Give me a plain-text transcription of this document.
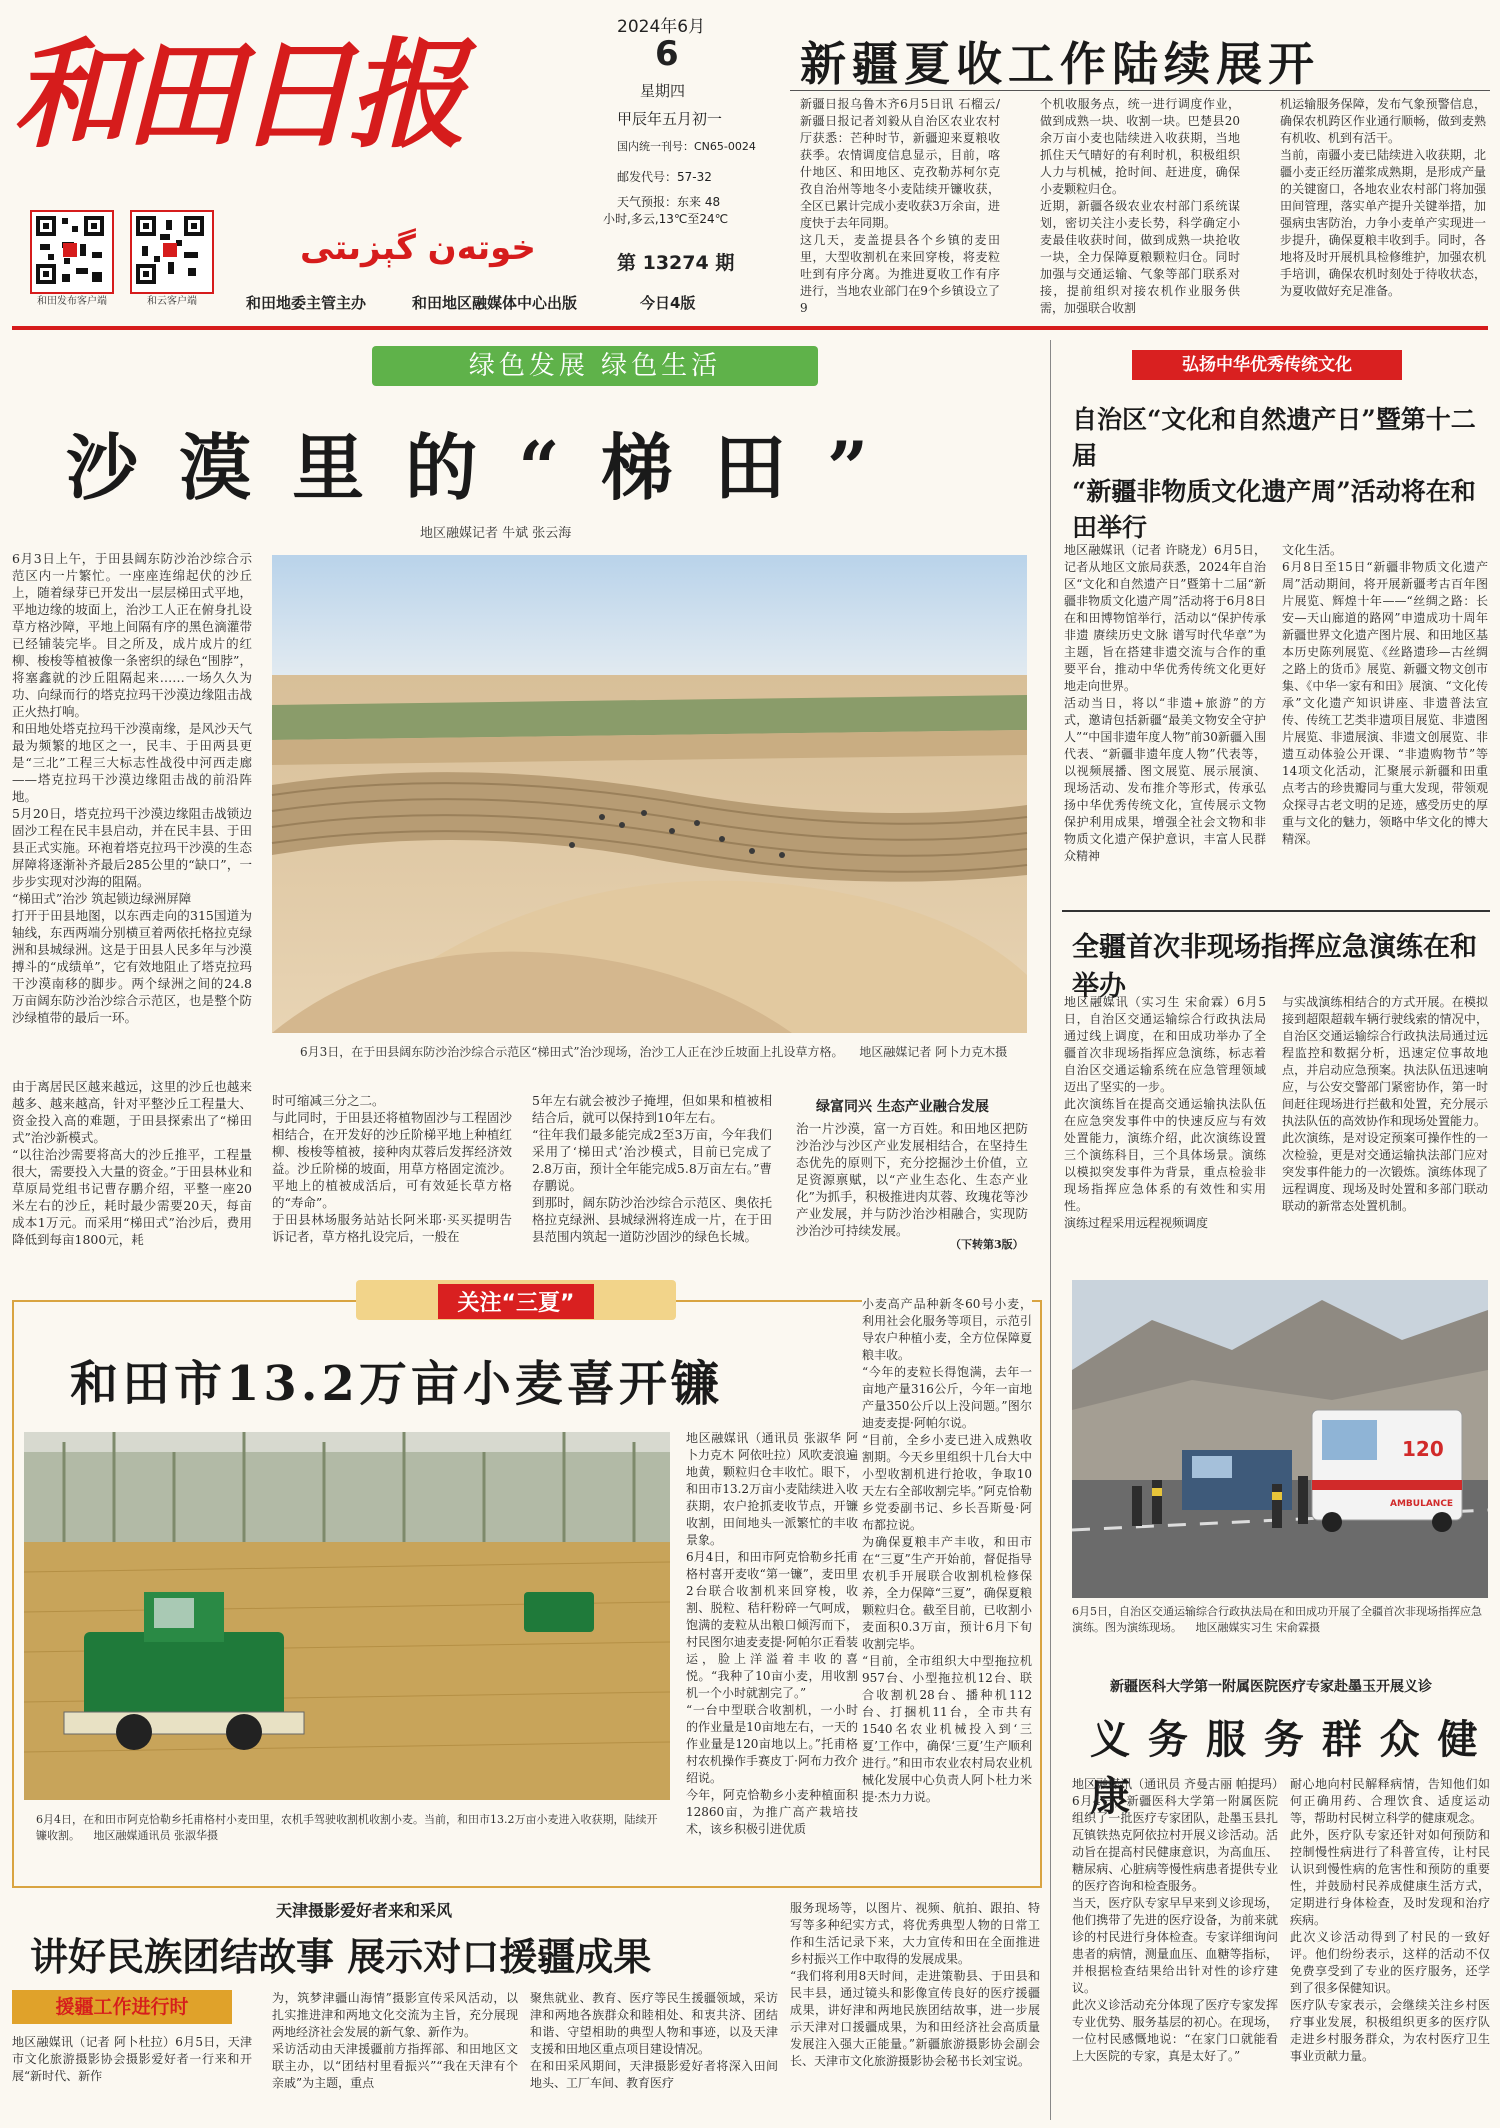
和田日报
和田发布客户端	和云客户端
خوتەن گېزىتى
2024年6月
6
星期四
甲辰年五月初一
国内统一刊号：CN65-0024
邮发代号：57-32
天气预报：东来 48
小时,多云,13℃至24℃
第 13274 期
和田地委主管主办	和田地区融媒体中心出版	今日4版
新疆夏收工作陆续展开
新疆日报乌鲁木齐6月5日讯 石榴云/新疆日报记者刘毅从自治区农业农村厅获悉：芒种时节，新疆迎来夏粮收获季。农情调度信息显示，目前，喀什地区、和田地区、克孜勒苏柯尔克孜自治州等地冬小麦陆续开镰收获，全区已累计完成小麦收获3万余亩，进度快于去年同期。
这几天，麦盖提县各个乡镇的麦田里，大型收割机在来回穿梭，将麦粒吐到有序分离。为推进夏收工作有序进行，当地农业部门在9个乡镇设立了9
个机收服务点，统一进行调度作业，做到成熟一块、收割一块。巴楚县20余万亩小麦也陆续进入收获期，当地抓住天气晴好的有利时机，积极组织人力与机械，抢时间、赶进度，确保小麦颗粒归仓。
近期，新疆各级农业农村部门系统谋划，密切关注小麦长势，科学确定小麦最佳收获时间，做到成熟一块抢收一块，全力保障夏粮颗粒归仓。同时加强与交通运输、气象等部门联系对接，提前组织对接农机作业服务供需，加强联合收割
机运输服务保障，发布气象预警信息，确保农机跨区作业通行顺畅，做到麦熟有机收、机到有活干。
当前，南疆小麦已陆续进入收获期，北疆小麦正经历灌浆成熟期，是形成产量的关键窗口，各地农业农村部门将加强田间管理，落实单产提升关键举措，加强病虫害防治，力争小麦单产实现进一步提升，确保夏粮丰收到手。同时，各地将及时开展机具检修维护，加强农机手培训，确保农机时刻处于待收状态，为夏收做好充足准备。
绿色发展 绿色生活
沙 漠 里 的 “ 梯 田 ”
地区融媒记者 牛斌 张云海
6月3日上午，于田县阔东防沙治沙综合示范区内一片繁忙。一座座连绵起伏的沙丘上，随着绿芽已开发出一层层梯田式平地，平地边缘的坡面上，治沙工人正在俯身扎设草方格沙障，平地上间隔有序的黑色滴灌带已经铺装完毕。目之所及，成片成片的红柳、梭梭等植被像一条密织的绿色“围脖”，将塞鑫就的沙丘阻隔起来……一场久久为功、向绿而行的塔克拉玛干沙漠边缘阻击战正火热打响。
和田地处塔克拉玛干沙漠南缘，是风沙天气最为频繁的地区之一，民丰、于田两县更是“三北”工程三大标志性战役中河西走廊——塔克拉玛干沙漠边缘阻击战的前沿阵地。
5月20日，塔克拉玛干沙漠边缘阻击战锁边固沙工程在民丰县启动，并在民丰县、于田县正式实施。环袍着塔克拉玛干沙漠的生态屏障将逐渐补齐最后285公里的“缺口”，一步步实现对沙海的阻隔。
“梯田式”治沙 筑起锁边绿洲屏障
打开于田县地图，以东西走向的315国道为轴线，东西两端分别横亘着两依托格拉克绿洲和县城绿洲。这是于田县人民多年与沙漠搏斗的“成绩单”，它有效地阻止了塔克拉玛干沙漠南移的脚步。两个绿洲之间的24.8万亩阔东防沙治沙综合示范区，也是整个防沙绿植带的最后一环。
6月3日，在于田县阔东防沙治沙综合示范区“梯田式”治沙现场，治沙工人正在沙丘坡面上扎设草方格。 地区融媒记者 阿卜力克木摄
由于离居民区越来越远，这里的沙丘也越来越多、越来越高，针对平整沙丘工程量大、资金投入高的难题，于田县探索出了“梯田式”治沙新模式。
“以往治沙需要将高大的沙丘推平，工程量很大，需要投入大量的资金。”于田县林业和草原局党组书记曹存鹏介绍，平整一座20米左右的沙丘，耗时最少需要20天，每亩成本1万元。而采用“梯田式”治沙后，费用降低到每亩1800元，耗
时可缩减三分之二。
与此同时，于田县还将植物固沙与工程固沙相结合，在开发好的沙丘阶梯平地上种植红柳、梭梭等植被，接种肉苁蓉后发挥经济效益。沙丘阶梯的坡面，用草方格固定流沙。平地上的植被成活后，可有效延长草方格的“寿命”。
于田县林场服务站站长阿米耶·买买提明告诉记者，草方格扎设完后，一般在
5年左右就会被沙子掩埋，但如果和植被相结合后，就可以保持到10年左右。
“往年我们最多能完成2至3万亩，今年我们采用了‘梯田式’治沙模式，目前已完成了2.8万亩，预计全年能完成5.8万亩左右。”曹存鹏说。
到那时，阔东防沙治沙综合示范区、奥依托格拉克绿洲、县城绿洲将连成一片，在于田县范围内筑起一道防沙固沙的绿色长城。
绿富同兴 生态产业融合发展
治一片沙漠，富一方百姓。和田地区把防沙治沙与沙区产业发展相结合，在坚持生态优先的原则下，充分挖掘沙土价值，立足资源禀赋，以“产业生态化、生态产业化”为抓手，积极推进肉苁蓉、玫瑰花等沙产业发展，并与防沙治沙相融合，实现防沙治沙可持续发展。
（下转第3版）
弘扬中华优秀传统文化
自治区“文化和自然遗产日”暨第十二届
“新疆非物质文化遗产周”活动将在和田举行
地区融媒讯（记者 许晓龙）6月5日，记者从地区文旅局获悉，2024年自治区“文化和自然遗产日”暨第十二届“新疆非物质文化遗产周”活动将于6月8日在和田博物馆举行，活动以“保护传承非遗 赓续历史文脉 谱写时代华章”为主题，旨在搭建非遗交流与合作的重要平台，推动中华优秀传统文化更好地走向世界。
活动当日，将以“非遗+旅游”的方式，邀请包括新疆“最美文物安全守护人”“中国非遗年度人物”前30新疆入围代表、“新疆非遗年度人物”代表等，以视频展播、图文展览、展示展演、现场活动、发布推介等形式，传承弘扬中华优秀传统文化，宣传展示文物保护利用成果，增强全社会文物和非物质文化遗产保护意识，丰富人民群众精神
文化生活。
6月8日至15日“新疆非物质文化遗产周”活动期间，将开展新疆考古百年图片展览、辉煌十年——“丝绸之路：长安—天山廊道的路网”申遗成功十周年新疆世界文化遗产图片展、和田地区基本历史陈列展览、《丝路遗珍—古丝绸之路上的货币》展览、新疆文物文创市集、《中华一家有和田》展演、“文化传承”文化遗产知识讲座、非遗普法宣传、传统工艺类非遗项目展览、非遗图片展览、非遗展演、非遗文创展览、非遗互动体验公开课、“非遗购物节”等14项文化活动，汇聚展示新疆和田重点考古的珍贵瓣同与重大发现，带领观众探寻古老文明的足迹，感受历史的厚重与文化的魅力，领略中华文化的博大精深。
全疆首次非现场指挥应急演练在和举办
地区融媒讯（实习生 宋俞霖）6月5日，自治区交通运输综合行政执法局通过线上调度，在和田成功举办了全疆首次非现场指挥应急演练，标志着自治区交通运输系统在应急管理领域迈出了坚实的一步。
此次演练旨在提高交通运输执法队伍在应急突发事件中的快速反应与有效处置能力，演练介绍，此次演练设置三个演练科目，三个具体场景。演练以模拟突发事件为背景，重点检验非现场指挥应急体系的有效性和实用性。
演练过程采用远程视频调度
与实战演练相结合的方式开展。在模拟接到超限超载车辆行驶线索的情况中，自治区交通运输综合行政执法局通过远程监控和数据分析，迅速定位事故地点，并启动应急预案。执法队伍迅速响应，与公安交警部门紧密协作，第一时间赶往现场进行拦截和处置，充分展示执法队伍的高效协作和现场处置能力。
此次演练，是对设定预案可操作性的一次检验，更是对交通运输执法部门应对突发事件能力的一次锻炼。演练体现了远程调度、现场及时处置和多部门联动联动的新常态处置机制。
120
AMBULANCE
6月5日，自治区交通运输综合行政执法局在和田成功开展了全疆首次非现场指挥应急演练。图为演练现场。 地区融媒实习生 宋俞霖摄
关注“三夏”
和田市13.2万亩小麦喜开镰
6月4日，在和田市阿克恰勒乡托甫格村小麦田里，农机手驾驶收割机收割小麦。当前，和田市13.2万亩小麦进入收获期，陆续开镰收割。 地区融媒通讯员 张淑华摄
地区融媒讯（通讯员 张淑华 阿卜力克木 阿依吐拉）风吹麦浪遍地黄，颗粒归仓丰收忙。眼下，和田市13.2万亩小麦陆续进入收获期，农户抢抓麦收节点，开镰收割，田间地头一派繁忙的丰收景象。
6月4日，和田市阿克恰勒乡托甫格村喜开麦收“第一镰”，麦田里2台联合收割机来回穿梭，收割、脱粒、秸秆粉碎一气呵成，饱满的麦粒从出粮口倾泻而下，村民图尔迪麦麦提·阿帕尔正看装运，脸上洋溢着丰收的喜悦。“我种了10亩小麦，用收割机一个小时就割完了。”
“一台中型联合收割机，一小时的作业量是10亩地左右，一天的作业量是120亩地以上。”托甫格村农机操作手赛皮丁·阿布力孜介绍说。
今年，阿克恰勒乡小麦种植面积12860亩，为推广高产栽培技术，该乡积极引进优质
小麦高产品种新冬60号小麦，利用社会化服务等项目，示范引导农户种植小麦，全方位保障夏粮丰收。
“今年的麦粒长得饱满，去年一亩地产量316公斤，今年一亩地产量350公斤以上没问题。”图尔迪麦麦提·阿帕尔说。
“目前，全乡小麦已进入成熟收割期。今天乡里组织十几台大中小型收割机进行抢收，争取10天左右全部收割完毕。”阿克恰勒乡党委副书记、乡长吾斯曼·阿布都拉说。
为确保夏粮丰产丰收，和田市在“三夏”生产开始前，督促指导农机手开展联合收割机检修保养，全力保障“三夏”，确保夏粮颗粒归仓。截至目前，已收割小麦面积0.3万亩，预计6月下旬收割完毕。
“目前，全市组织大中型拖拉机957台、小型拖拉机12台、联合收割机28台、播种机112台、打捆机11台，全市共有1540名农业机械投入到‘三夏’工作中，确保‘三夏’生产顺利进行。”和田市农业农村局农业机械化发展中心负责人阿卜杜力米提·杰力力说。
新疆医科大学第一附属医院医疗专家赴墨玉开展义诊
义 务 服 务 群 众 健 康
地区融媒讯（通讯员 齐曼古丽 帕提玛）6月4日，新疆医科大学第一附属医院组织了一批医疗专家团队，赴墨玉县扎瓦镇铁热克阿依拉村开展义诊活动。活动旨在提高村民健康意识，为高血压、糖尿病、心脏病等慢性病患者提供专业的医疗咨询和检查服务。
当天，医疗队专家早早来到义诊现场，他们携带了先进的医疗设备，为前来就诊的村民进行身体检查。专家详细询问患者的病情，测量血压、血糖等指标，并根据检查结果给出针对性的诊疗建议。
此次义诊活动充分体现了医疗专家发挥专业优势、服务基层的初心。在现场，一位村民感慨地说：“在家门口就能看上大医院的专家，真是太好了。”
耐心地向村民解释病情，告知他们如何正确用药、合理饮食、适度运动等，帮助村民树立科学的健康观念。
此外，医疗队专家还针对如何预防和控制慢性病进行了科普宣传，让村民认识到慢性病的危害性和预防的重要性，并鼓励村民养成健康生活方式，定期进行身体检查，及时发现和治疗疾病。
此次义诊活动得到了村民的一致好评。他们纷纷表示，这样的活动不仅免费享受到了专业的医疗服务，还学到了很多保健知识。
医疗队专家表示，会继续关注乡村医疗事业发展，积极组织更多的医疗队走进乡村服务群众，为农村医疗卫生事业贡献力量。
天津摄影爱好者来和采风
讲好民族团结故事 展示对口援疆成果
援疆工作进行时
地区融媒讯（记者 阿卜杜拉）6月5日，天津市文化旅游摄影协会摄影爱好者一行来和开展“新时代、新作
为，筑梦津疆山海情”摄影宣传采风活动，以扎实推进津和两地文化交流为主旨，充分展现两地经济社会发展的新气象、新作为。
采访活动由天津援疆前方指挥部、和田地区文联主办，以“团结村里看振兴”“我在天津有个亲戚”为主题，重点
聚焦就业、教育、医疗等民生援疆领域，采访津和两地各族群众和睦相处、和衷共济、团结和谐、守望相助的典型人物和事迹，以及天津支援和田地区重点项目建设情况。
在和田采风期间，天津摄影爱好者将深入田间地头、工厂车间、教育医疗
服务现场等，以图片、视频、航拍、跟拍、特写等多种纪实方式，将优秀典型人物的日常工作和生活记录下来，大力宣传和田在全面推进乡村振兴工作中取得的发展成果。
“我们将利用8天时间，走进策勒县、于田县和民丰县，通过镜头和影像宣传良好的医疗援疆成果，讲好津和两地民族团结故事，进一步展示天津对口援疆成果，为和田经济社会高质量发展注入强大正能量。”新疆旅游摄影协会副会长、天津市文化旅游摄影协会秘书长刘宝说。
